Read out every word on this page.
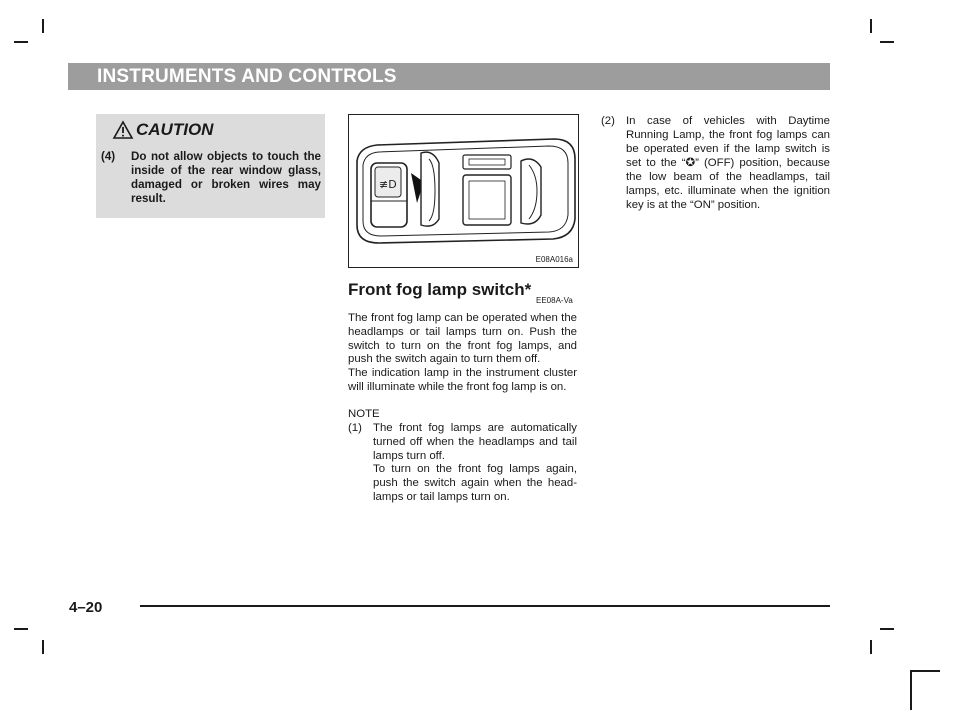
INSTRUMENTS AND CONTROLS
CAUTION
(4) Do not allow objects to touch the inside of the rear window glass, damaged or broken wires may result.
≢D
E08A016a
Front fog lamp switch*
EE08A-Va
The front fog lamp can be operated when the headlamps or tail lamps turn on. Push the switch to turn on the front fog lamps, and push the switch again to turn them off.
The indication lamp in the instrument cluster will illuminate while the front fog lamp is on.
NOTE
(1) The front fog lamps are automatically turned off when the headlamps and tail lamps turn off.
To turn on the front fog lamps again, push the switch again when the head-lamps or tail lamps turn on.
(2) In case of vehicles with Daytime Running Lamp, the front fog lamps can be operated even if the lamp switch is set to the “✪” (OFF) position, because the low beam of the headlamps, tail lamps, etc. illuminate when the ignition key is at the “ON” position.
4–20
